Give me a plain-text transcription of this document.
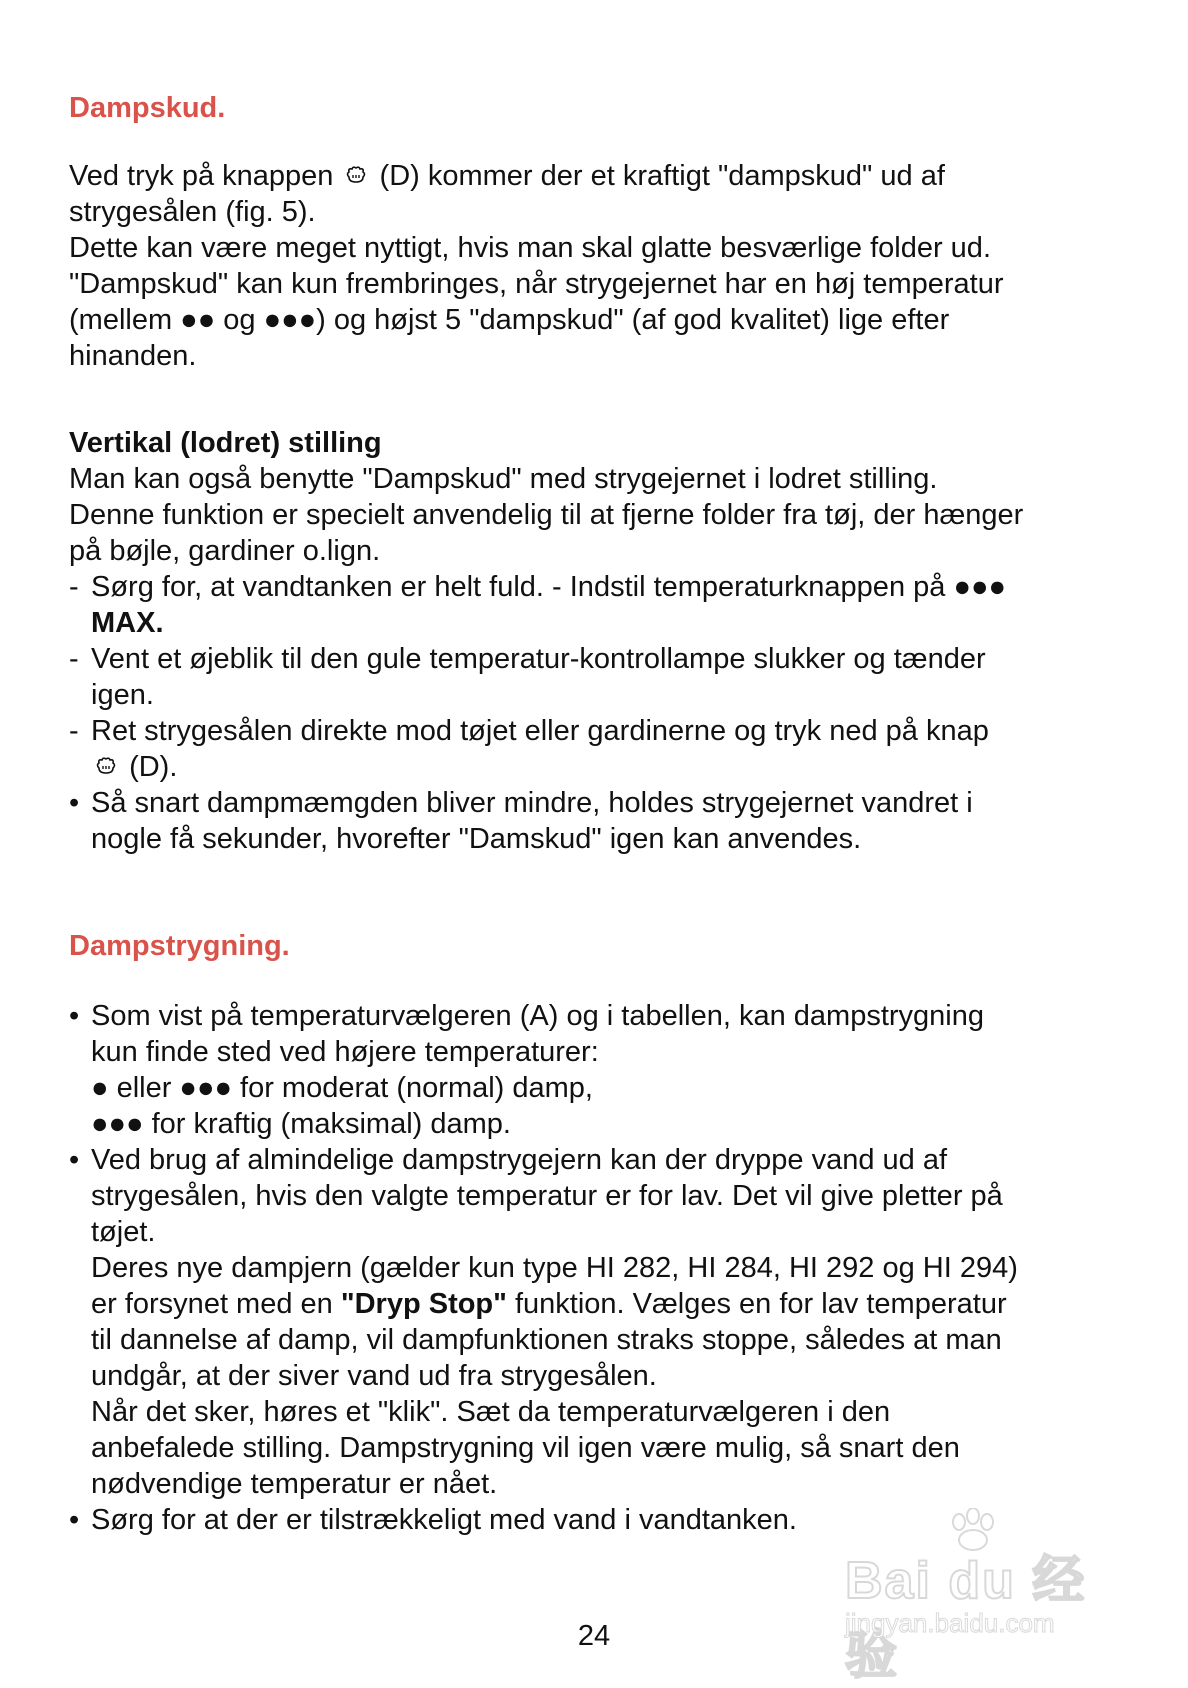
Dampskud.

Ved tryk på knappen (D) kommer der et kraftigt "dampskud" ud af

strygesålen (fig. 5).

Dette kan være meget nyttigt, hvis man skal glatte besværlige folder ud.

"Dampskud" kan kun frembringes, når strygejernet har en høj temperatur

(mellem ●● og ●●●) og højst 5 "dampskud" (af god kvalitet) lige efter

hinanden.

Vertikal (lodret) stilling

Man kan også benytte "Dampskud" med strygejernet i lodret stilling.

Denne funktion er specielt anvendelig til at fjerne folder fra tøj, der hænger

på bøjle, gardiner o.lign.

- Sørg for, at vandtanken er helt fuld. - Indstil temperaturknappen på ●●●

MAX.

- Vent et øjeblik til den gule temperatur-kontrollampe slukker og tænder

igen.

- Ret strygesålen direkte mod tøjet eller gardinerne og tryk ned på knap

(D).

• Så snart dampmæmgden bliver mindre, holdes strygejernet vandret i

nogle få sekunder, hvorefter "Damskud" igen kan anvendes.

Dampstrygning.
• Som vist på temperaturvælgeren (A) og i tabellen, kan dampstrygning

kun finde sted ved højere temperaturer:

● eller ●●● for moderat (normal) damp,

●●● for kraftig (maksimal) damp.

• Ved brug af almindelige dampstrygejern kan der dryppe vand ud af

strygesålen, hvis den valgte temperatur er for lav. Det vil give pletter på

tøjet.

Deres nye dampjern (gælder kun type HI 282, HI 284, HI 292 og HI 294)

er forsynet med en "Dryp Stop" funktion. Vælges en for lav temperatur

til dannelse af damp, vil dampfunktionen straks stoppe, således at man

undgår, at der siver vand ud fra strygesålen.

Når det sker, høres et "klik". Sæt da temperaturvælgeren i den

anbefalede stilling. Dampstrygning vil igen være mulig, så snart den

nødvendige temperatur er nået.

• Sørg for at der er tilstrækkeligt med vand i vandtanken.

24
Bai du 经验
jingyan.baidu.com
